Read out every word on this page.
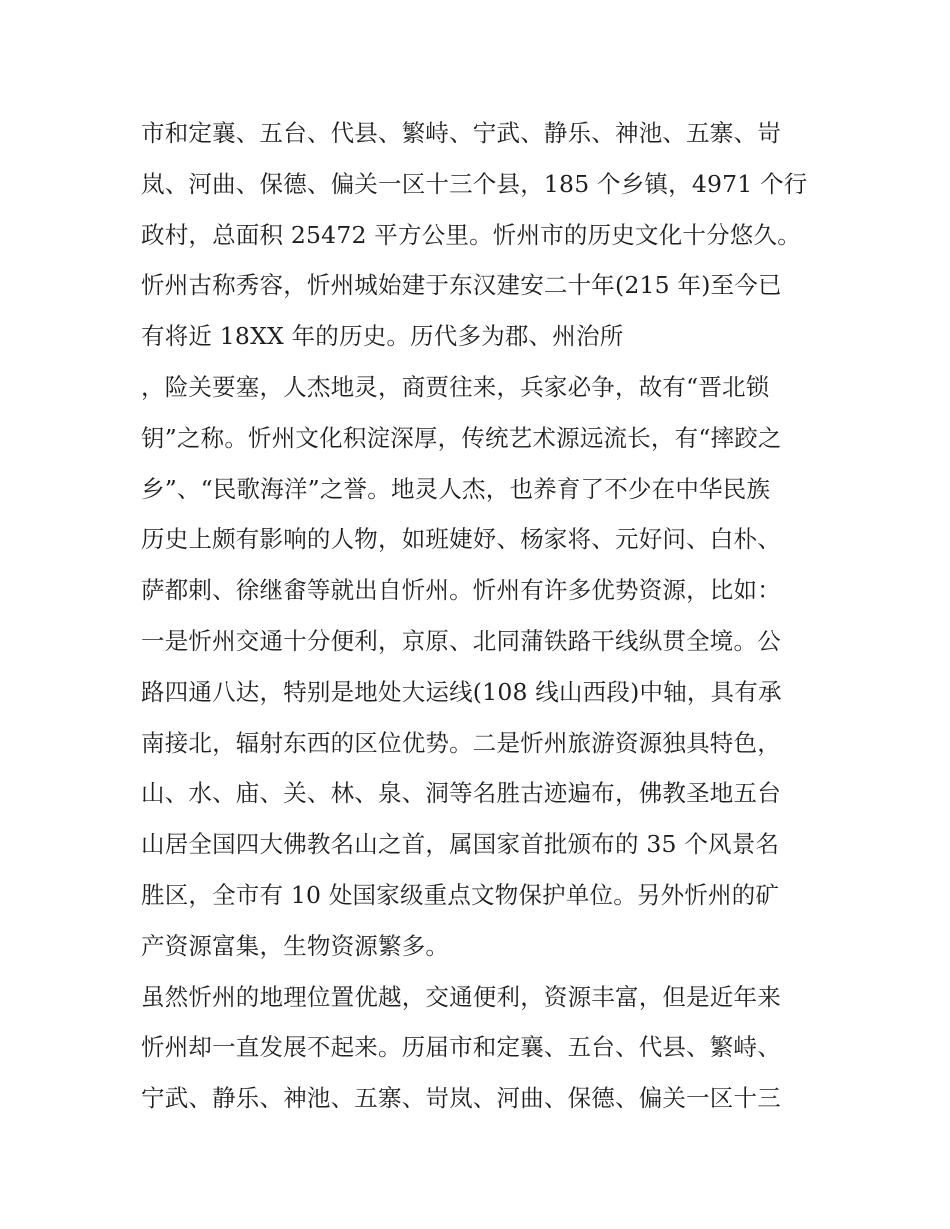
市和定襄、五台、代县、繁峙、宁武、静乐、神池、五寨、岢
岚、河曲、保德、偏关一区十三个县，185 个乡镇，4971 个行
政村，总面积 25472 平方公里。忻州市的历史文化十分悠久。
忻州古称秀容，忻州城始建于东汉建安二十年(215 年)至今已
有将近 18XX 年的历史。历代多为郡、州治所
，险关要塞，人杰地灵，商贾往来，兵家必争，故有“晋北锁
钥”之称。忻州文化积淀深厚，传统艺术源远流长，有“摔跤之
乡”、“民歌海洋”之誉。地灵人杰，也养育了不少在中华民族
历史上颇有影响的人物，如班婕妤、杨家将、元好问、白朴、
萨都剌、徐继畬等就出自忻州。忻州有许多优势资源，比如：
一是忻州交通十分便利，京原、北同蒲铁路干线纵贯全境。公
路四通八达，特别是地处大运线(108 线山西段)中轴，具有承
南接北，辐射东西的区位优势。二是忻州旅游资源独具特色，
山、水、庙、关、林、泉、洞等名胜古迹遍布，佛教圣地五台
山居全国四大佛教名山之首，属国家首批颁布的 35 个风景名
胜区，全市有 10 处国家级重点文物保护单位。另外忻州的矿
产资源富集，生物资源繁多。
虽然忻州的地理位置优越，交通便利，资源丰富，但是近年来
忻州却一直发展不起来。历届市和定襄、五台、代县、繁峙、
宁武、静乐、神池、五寨、岢岚、河曲、保德、偏关一区十三
